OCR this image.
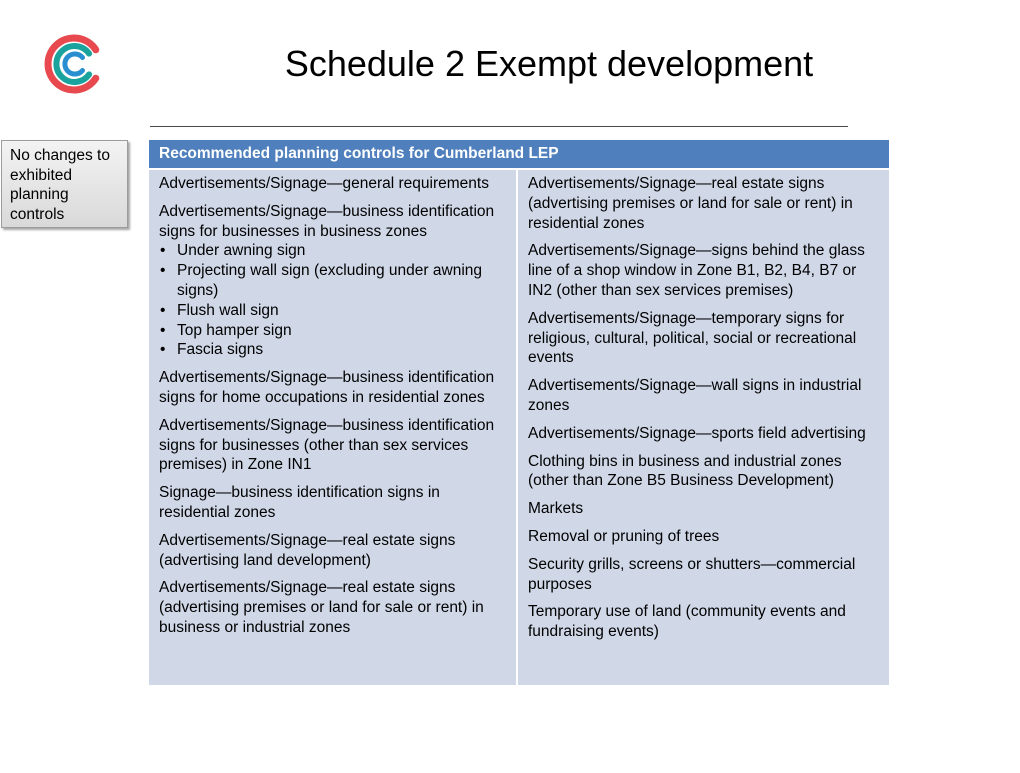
Schedule 2 Exempt development
No changes to exhibited planning controls
Recommended planning controls for Cumberland LEP
Advertisements/Signage—general requirements
Advertisements/Signage—business identification signs for businesses in business zones
• Under awning sign
• Projecting wall sign (excluding under awning signs)
• Flush wall sign
• Top hamper sign
• Fascia signs
Advertisements/Signage—business identification signs for home occupations in residential zones
Advertisements/Signage—business identification signs for businesses (other than sex services premises) in Zone IN1
Signage—business identification signs in residential zones
Advertisements/Signage—real estate signs (advertising land development)
Advertisements/Signage—real estate signs (advertising premises or land for sale or rent) in business or industrial zones
Advertisements/Signage—real estate signs (advertising premises or land for sale or rent) in residential zones
Advertisements/Signage—signs behind the glass line of a shop window in Zone B1, B2, B4, B7 or IN2 (other than sex services premises)
Advertisements/Signage—temporary signs for religious, cultural, political, social or recreational events
Advertisements/Signage—wall signs in industrial zones
Advertisements/Signage—sports field advertising
Clothing bins in business and industrial zones (other than Zone B5 Business Development)
Markets
Removal or pruning of trees
Security grills, screens or shutters—commercial purposes
Temporary use of land (community events and fundraising events)
